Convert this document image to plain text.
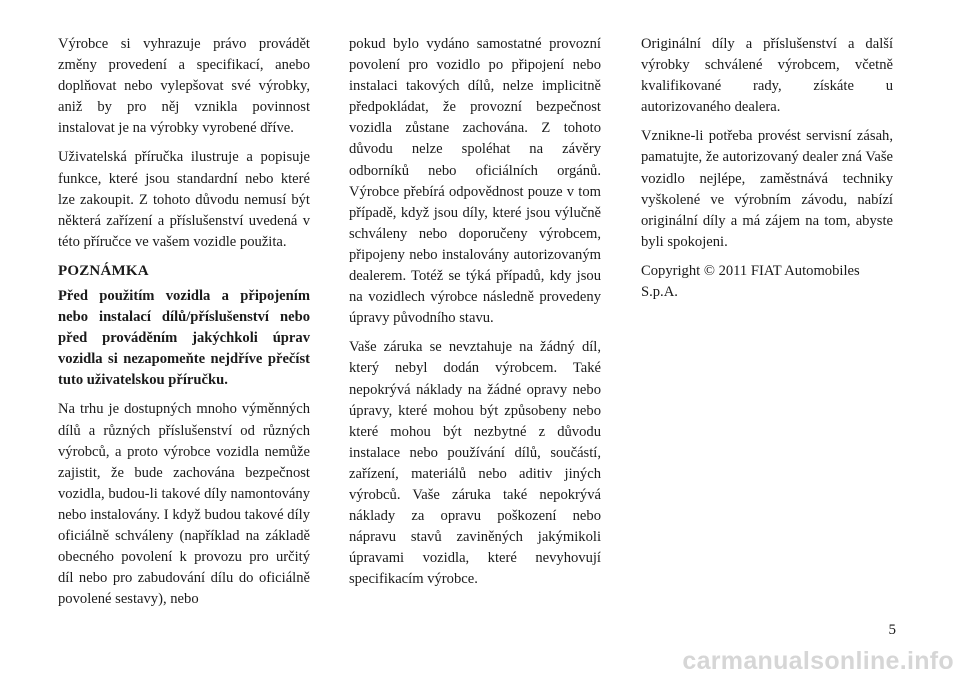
Výrobce si vyhrazuje právo provádět změny provedení a specifikací, anebo doplňovat nebo vylepšovat své výrobky, aniž by pro něj vznikla povinnost instalovat je na výrobky vyrobené dříve.

Uživatelská příručka ilustruje a popisuje funkce, které jsou standardní nebo které lze zakoupit. Z tohoto důvodu nemusí být některá zařízení a příslušenství uvedená v této příručce ve vašem vozidle použita.

POZNÁMKA

Před použitím vozidla a připojením nebo instalací dílů/příslušenství nebo před prováděním jakýchkoli úprav vozidla si nezapomeňte nejdříve přečíst tuto uživatelskou příručku.

Na trhu je dostupných mnoho výměnných dílů a různých příslušenství od různých výrobců, a proto výrobce vozidla nemůže zajistit, že bude zachována bezpečnost vozidla, budou-li takové díly namontovány nebo instalovány. I když budou takové díly oficiálně schváleny (například na základě obecného povolení k provozu pro určitý díl nebo pro zabudování dílu do oficiálně povolené sestavy), nebo

pokud bylo vydáno samostatné provozní povolení pro vozidlo po připojení nebo instalaci takových dílů, nelze implicitně předpokládat, že provozní bezpečnost vozidla zůstane zachována. Z tohoto důvodu nelze spoléhat na závěry odborníků nebo oficiálních orgánů. Výrobce přebírá odpovědnost pouze v tom případě, když jsou díly, které jsou výlučně schváleny nebo doporučeny výrobcem, připojeny nebo instalovány autorizovaným dealerem. Totéž se týká případů, kdy jsou na vozidlech výrobce následně provedeny úpravy původního stavu.

Vaše záruka se nevztahuje na žádný díl, který nebyl dodán výrobcem. Také nepokrývá náklady na žádné opravy nebo úpravy, které mohou být způsobeny nebo které mohou být nezbytné z důvodu instalace nebo používání dílů, součástí, zařízení, materiálů nebo aditiv jiných výrobců. Vaše záruka také nepokrývá náklady za opravu poškození nebo nápravu stavů zaviněných jakýmikoli úpravami vozidla, které nevyhovují specifikacím výrobce.

Originální díly a příslušenství a další výrobky schválené výrobcem, včetně kvalifikované rady, získáte u autorizovaného dealera.

Vznikne-li potřeba provést servisní zásah, pamatujte, že autorizovaný dealer zná Vaše vozidlo nejlépe, zaměstnává techniky vyškolené ve výrobním závodu, nabízí originální díly a má zájem na tom, abyste byli spokojeni.

Copyright © 2011 FIAT Automobiles S.p.A.

5
carmanualsonline.info
